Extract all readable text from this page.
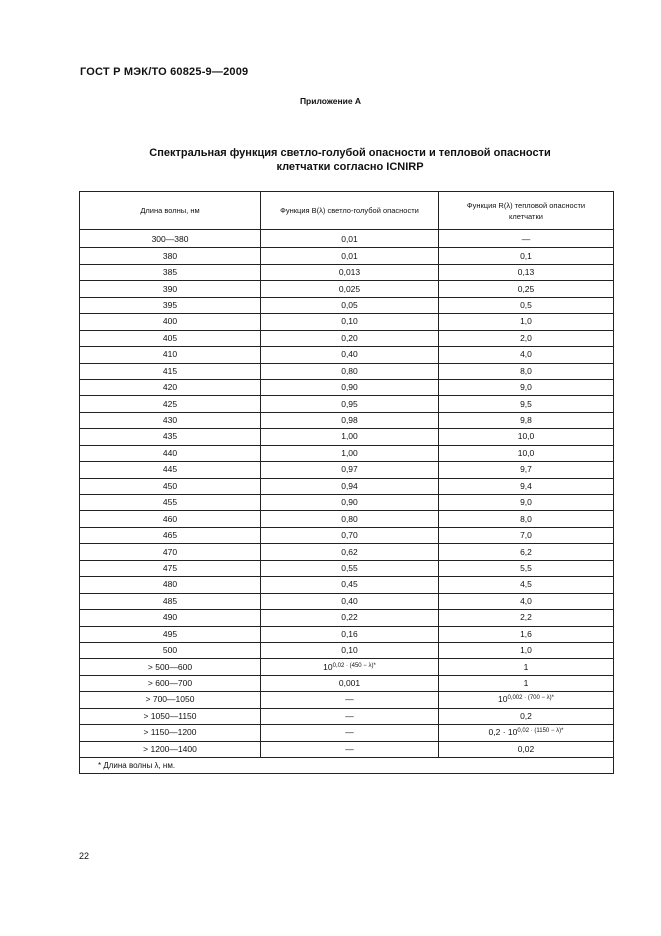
ГОСТ Р МЭК/ТО 60825-9—2009
Приложение А
Спектральная функция светло-голубой опасности и тепловой опасности
клетчатки согласно ICNIRP
Длина волны, нм	Функция B(λ) светло-голубой опасности	Функция R(λ) тепловой опасности
клетчатки

300—380	0,01	—
380	0,01	0,1
385	0,013	0,13
390	0,025	0,25
395	0,05	0,5
400	0,10	1,0
405	0,20	2,0
410	0,40	4,0
415	0,80	8,0
420	0,90	9,0
425	0,95	9,5
430	0,98	9,8
435	1,00	10,0
440	1,00	10,0
445	0,97	9,7
450	0,94	9,4
455	0,90	9,0
460	0,80	8,0
465	0,70	7,0
470	0,62	6,2
475	0,55	5,5
480	0,45	4,5
485	0,40	4,0
490	0,22	2,2
495	0,16	1,6
500	0,10	1,0
> 500—600	$10^{0,02 \cdot (450 - \lambda)*}$	1
> 600—700	0,001	1
> 700—1050	—	$10^{0,002 \cdot (700 - \lambda)*}$
> 1050—1150	—	0,2
> 1150—1200	—	$0,2 \cdot 10^{0,02 \cdot (1150 - \lambda)*}$
> 1200—1400	—	0,02
* Длина волны λ, нм.		
22
